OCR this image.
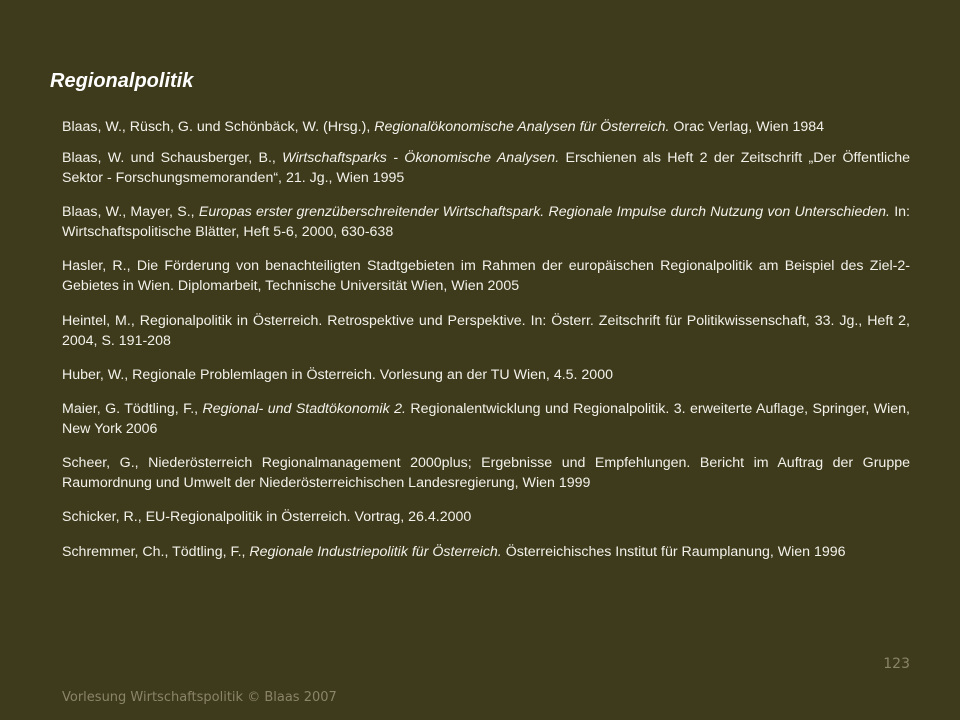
Regionalpolitik

Blaas, W., Rüsch, G. und Schönbäck, W. (Hrsg.), Regionalökonomische Analysen für Österreich. Orac Verlag, Wien 1984

Blaas, W. und Schausberger, B., Wirtschaftsparks - Ökonomische Analysen. Erschienen als Heft 2 der Zeitschrift „Der Öffentliche Sektor - Forschungsmemoranden“, 21. Jg., Wien 1995

Blaas, W., Mayer, S., Europas erster grenzüberschreitender Wirtschaftspark. Regionale Impulse durch Nutzung von Unterschieden. In: Wirtschaftspolitische Blätter, Heft 5-6, 2000, 630-638

Hasler, R., Die Förderung von benachteiligten Stadtgebieten im Rahmen der europäischen Regionalpolitik am Beispiel des Ziel-2-Gebietes in Wien. Diplomarbeit, Technische Universität Wien, Wien 2005

Heintel, M., Regionalpolitik in Österreich. Retrospektive und Perspektive. In: Österr. Zeitschrift für Politikwissenschaft, 33. Jg., Heft 2, 2004, S. 191-208

Huber, W., Regionale Problemlagen in Österreich. Vorlesung an der TU Wien, 4.5. 2000

Maier, G. Tödtling, F., Regional- und Stadtökonomik 2. Regionalentwicklung und Regionalpolitik. 3. erweiterte Auflage, Springer, Wien, New York 2006

Scheer, G., Niederösterreich Regionalmanagement 2000plus; Ergebnisse und Empfehlungen. Bericht im Auftrag der Gruppe Raumordnung und Umwelt der Niederösterreichischen Landesregierung, Wien 1999

Schicker, R., EU-Regionalpolitik in Österreich. Vortrag, 26.4.2000

Schremmer, Ch., Tödtling, F., Regionale Industriepolitik für Österreich. Österreichisches Institut für Raumplanung, Wien 1996

123
Vorlesung Wirtschaftspolitik © Blaas 2007
